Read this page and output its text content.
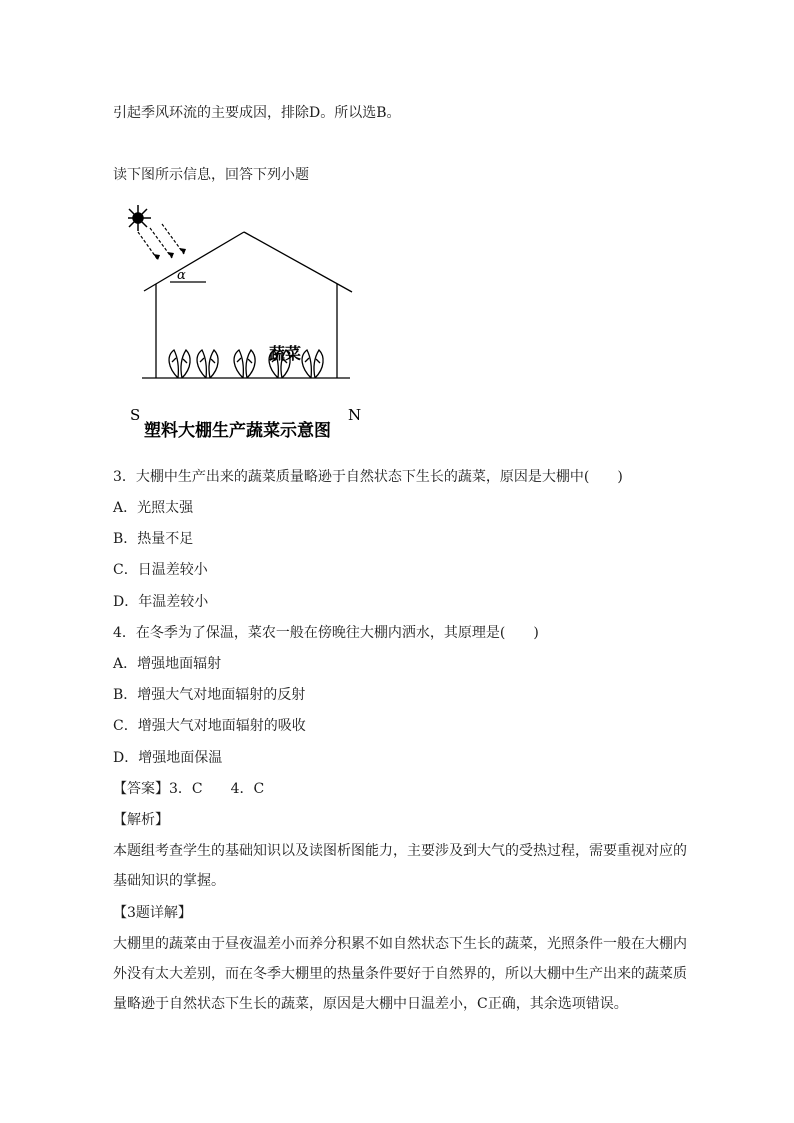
引起季风环流的主要成因，排除D。所以选B。
读下图所示信息，回答下列小题
α
蔬菜
S	N
塑料大棚生产蔬菜示意图
3．大棚中生产出来的蔬菜质量略逊于自然状态下生长的蔬菜，原因是大棚中(　　)
A．光照太强
B．热量不足
C．日温差较小
D．年温差较小
4．在冬季为了保温，菜农一般在傍晚往大棚内洒水，其原理是(　　)
A．增强地面辐射
B．增强大气对地面辐射的反射
C．增强大气对地面辐射的吸收
D．增强地面保温
【答案】3．C　　4．C
【解析】
本题组考查学生的基础知识以及读图析图能力，主要涉及到大气的受热过程，需要重视对应的基础知识的掌握。
【3题详解】
大棚里的蔬菜由于昼夜温差小而养分积累不如自然状态下生长的蔬菜，光照条件一般在大棚内外没有太大差别，而在冬季大棚里的热量条件要好于自然界的，所以大棚中生产出来的蔬菜质量略逊于自然状态下生长的蔬菜，原因是大棚中日温差小，C正确，其余选项错误。
